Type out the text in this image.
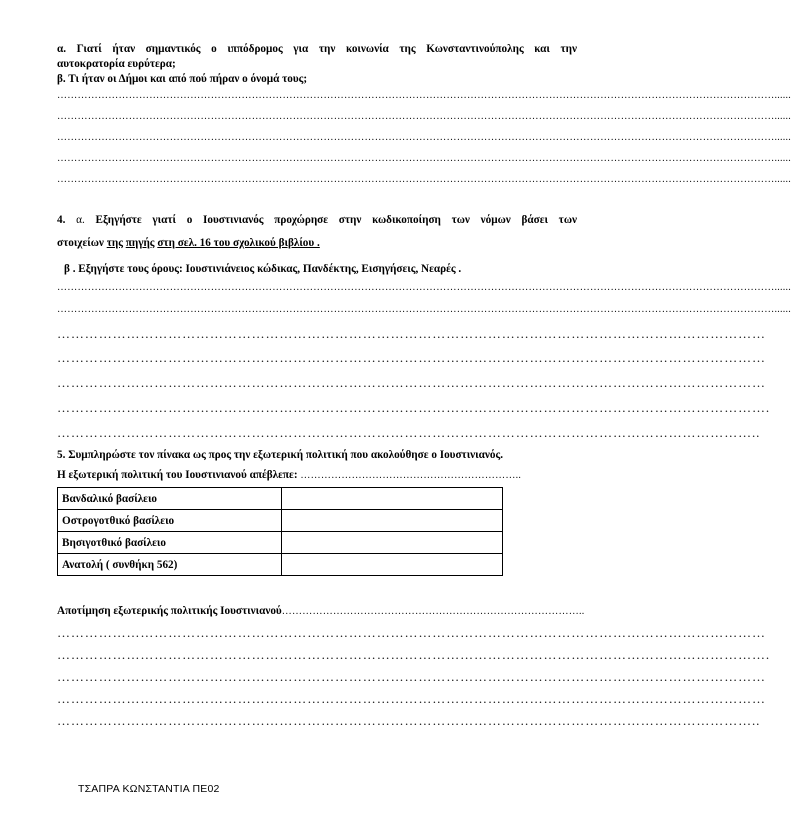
α. Γιατί ήταν σημαντικός ο ιππόδρομος για την κοινωνία της Κωνσταντινούπολης και την
αυτοκρατορία ευρύτερα;
β. Τι ήταν οι Δήμοι και από πού πήραν ο όνομά τους;
…………………………………………………………………………………………………………………………………………………………………………………………......
…………………………………………………………………………………………………………………………………………………………………………………………......
…………………………………………………………………………………………………………………………………………………………………………………………......
…………………………………………………………………………………………………………………………………………………………………………………………......
…………………………………………………………………………………………………………………………………………………………………………………………......
4. α. Εξηγήστε γιατί ο Ιουστινιανός προχώρησε στην κωδικοποίηση των νόμων βάσει των
στοιχείων της πηγής στη σελ. 16 του σχολικού βιβλίου .
β . Εξηγήστε τους όρους: Ιουστινιάνειος κώδικας, Πανδέκτης, Εισηγήσεις, Νεαρές .
…………………………………………………………………………………………………………………………………………………………………………………………......
…………………………………………………………………………………………………………………………………………………………………………………………......
………………………………………………………………………………………………………………………………………
………………………………………………………………………………………………………………………………………
………………………………………………………………………………………………………………………………………
……………………………………………………………………………………………………………………………………….
……………………………………………………………………………………………………………………………………..
5. Συμπληρώστε τον πίνακα ως προς την εξωτερική πολιτική που ακολούθησε ο Ιουστινιανός.
Η εξωτερική πολιτική του Ιουστινιανού απέβλεπε: ………………………………………………………..
Βανδαλικό βασίλειο	
Οστρογοτθικό βασίλειο	
Βησιγοτθικό βασίλειο	
Ανατολή ( συνθήκη 562)	
Αποτίμηση εξωτερικής πολιτικής Ιουστινιανού……………………………………………………………………………..
………………………………………………………………………………………………………………………………………
……………………………………………………………………………………………………………………………………….
………………………………………………………………………………………………………………………………………
………………………………………………………………………………………………………………………………………
……………………………………………………………………………………………………………………………………..
ΤΣΑΠΡΑ ΚΩΝΣΤΑΝΤΙΑ ΠΕ02
